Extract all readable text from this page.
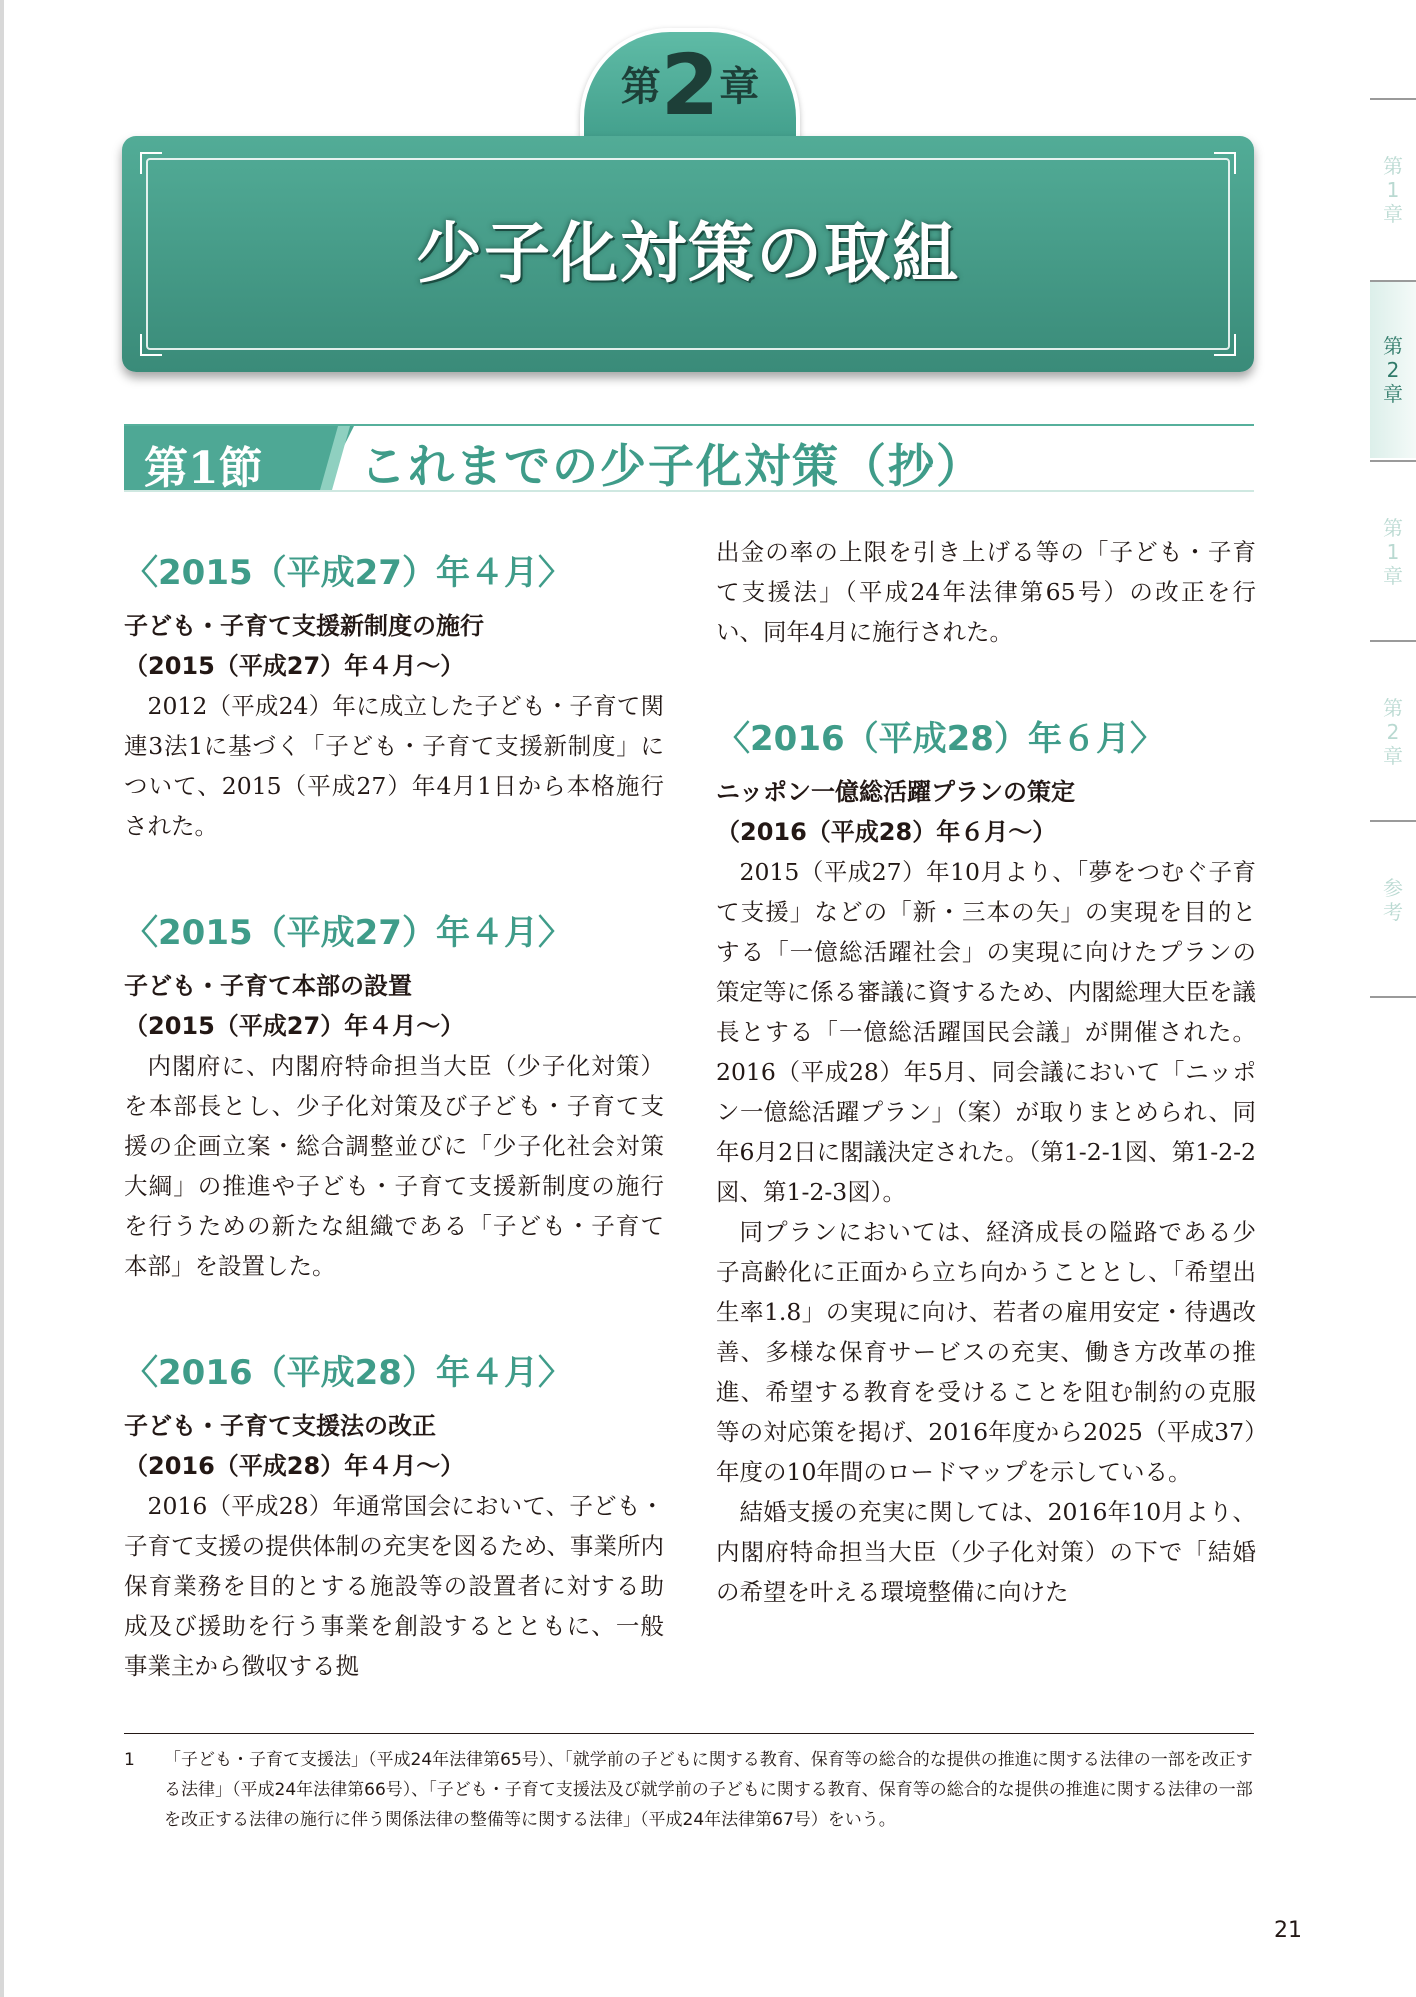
第2章
少子化対策の取組
第1節 これまでの少子化対策（抄）
〈2015（平成27）年４月〉
子ども・子育て支援新制度の施行
（2015（平成27）年４月〜）

2012（平成24）年に成立した子ども・子育て関連3法1に基づく「子ども・子育て支援新制度」について、2015（平成27）年4月1日から本格施行された。

〈2015（平成27）年４月〉
子ども・子育て本部の設置
（2015（平成27）年４月〜）

内閣府に、内閣府特命担当大臣（少子化対策）を本部長とし、少子化対策及び子ども・子育て支援の企画立案・総合調整並びに「少子化社会対策大綱」の推進や子ども・子育て支援新制度の施行を行うための新たな組織である「子ども・子育て本部」を設置した。

〈2016（平成28）年４月〉
子ども・子育て支援法の改正
（2016（平成28）年４月〜）

2016（平成28）年通常国会において、子ども・子育て支援の提供体制の充実を図るため、事業所内保育業務を目的とする施設等の設置者に対する助成及び援助を行う事業を創設するとともに、一般事業主から徴収する拠

出金の率の上限を引き上げる等の「子ども・子育て支援法」（平成24年法律第65号）の改正を行い、同年4月に施行された。

〈2016（平成28）年６月〉
ニッポン一億総活躍プランの策定
（2016（平成28）年６月〜）

2015（平成27）年10月より、「夢をつむぐ子育て支援」などの「新・三本の矢」の実現を目的とする「一億総活躍社会」の実現に向けたプランの策定等に係る審議に資するため、内閣総理大臣を議長とする「一億総活躍国民会議」が開催された。2016（平成28）年5月、同会議において「ニッポン一億総活躍プラン」（案）が取りまとめられ、同年6月2日に閣議決定された。（第1-2-1図、第1-2-2図、第1-2-3図）。

同プランにおいては、経済成長の隘路である少子高齢化に正面から立ち向かうこととし、「希望出生率1.8」の実現に向け、若者の雇用安定・待遇改善、多様な保育サービスの充実、働き方改革の推進、希望する教育を受けることを阻む制約の克服等の対応策を掲げ、2016年度から2025（平成37）年度の10年間のロードマップを示している。

結婚支援の充実に関しては、2016年10月より、内閣府特命担当大臣（少子化対策）の下で「結婚の希望を叶える環境整備に向けた

1 「子ども・子育て支援法」（平成24年法律第65号）、「就学前の子どもに関する教育、保育等の総合的な提供の推進に関する法律の一部を改正する法律」（平成24年法律第66号）、「子ども・子育て支援法及び就学前の子どもに関する教育、保育等の総合的な提供の推進に関する法律の一部を改正する法律の施行に伴う関係法律の整備等に関する法律」（平成24年法律第67号）をいう。

21
第
1
章
第
2
章
第
1
章
第
2
章
参
考
